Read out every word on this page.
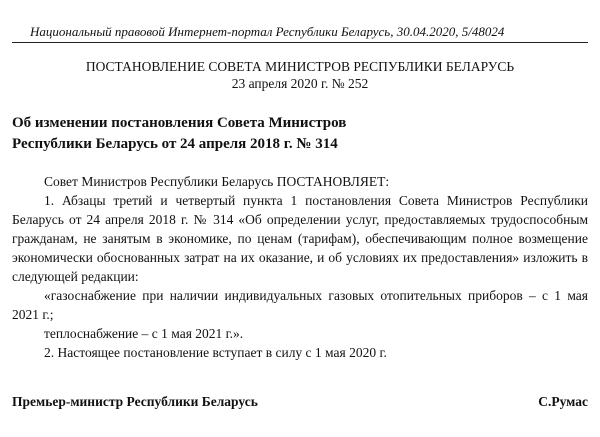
Национальный правовой Интернет-портал Республики Беларусь, 30.04.2020, 5/48024
ПОСТАНОВЛЕНИЕ СОВЕТА МИНИСТРОВ РЕСПУБЛИКИ БЕЛАРУСЬ
23 апреля 2020 г. № 252
Об изменении постановления Совета Министров
Республики Беларусь от 24 апреля 2018 г. № 314
Совет Министров Республики Беларусь ПОСТАНОВЛЯЕТ:
1. Абзацы третий и четвертый пункта 1 постановления Совета Министров Республики Беларусь от 24 апреля 2018 г. № 314 «Об определении услуг, предоставляемых трудоспособным гражданам, не занятым в экономике, по ценам (тарифам), обеспечивающим полное возмещение экономически обоснованных затрат на их оказание, и об условиях их предоставления» изложить в следующей редакции:
«газоснабжение при наличии индивидуальных газовых отопительных приборов – с 1 мая 2021 г.;
теплоснабжение – с 1 мая 2021 г.».
2. Настоящее постановление вступает в силу с 1 мая 2020 г.
Премьер-министр Республики Беларусь	С.Румас
